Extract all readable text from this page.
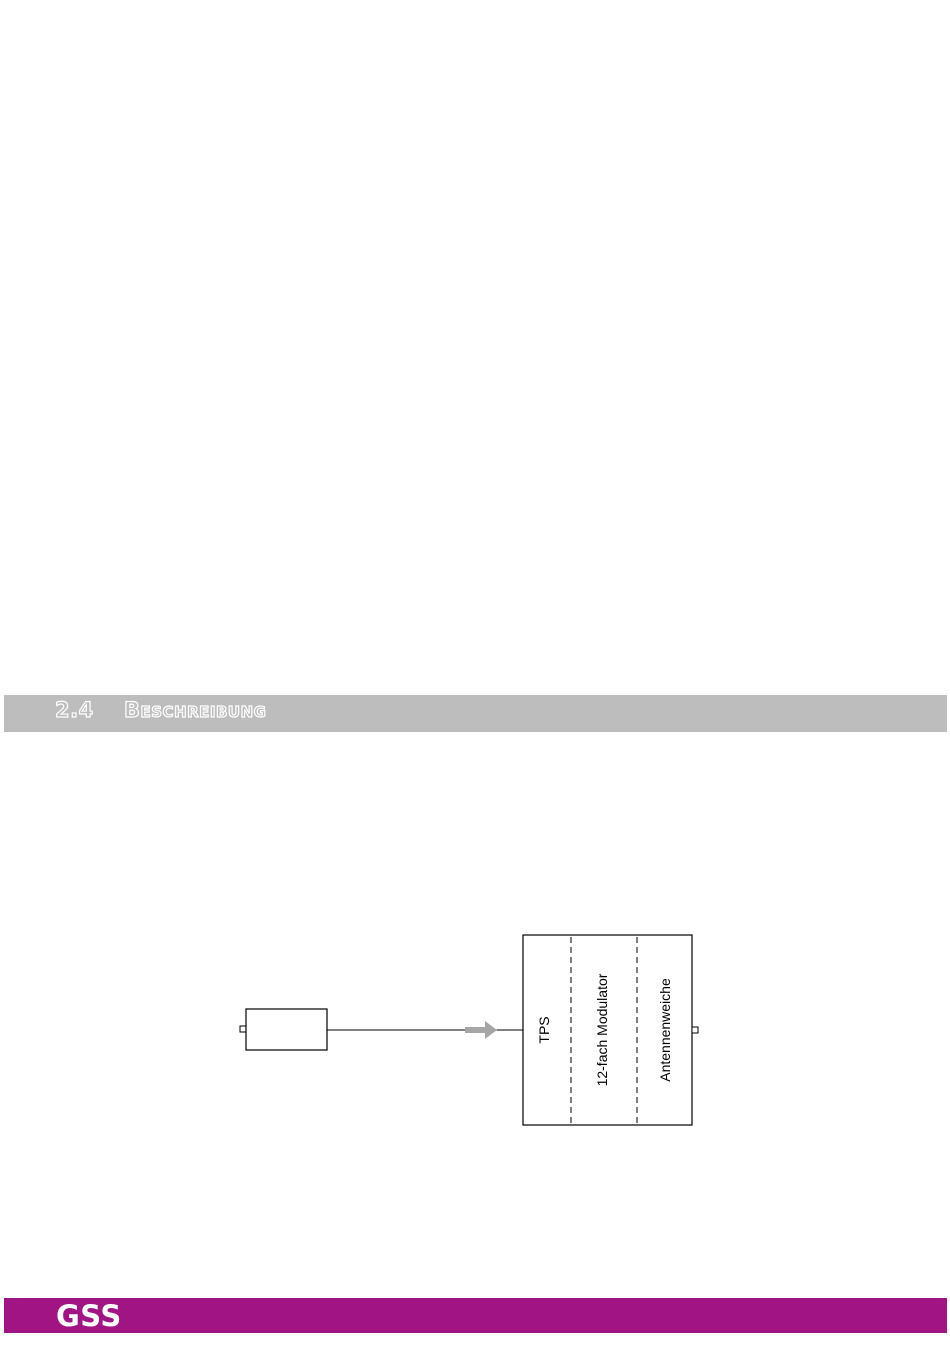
2.4 Beschreibung
TPS	12-fach Modulator	Antennenweiche
GSS
